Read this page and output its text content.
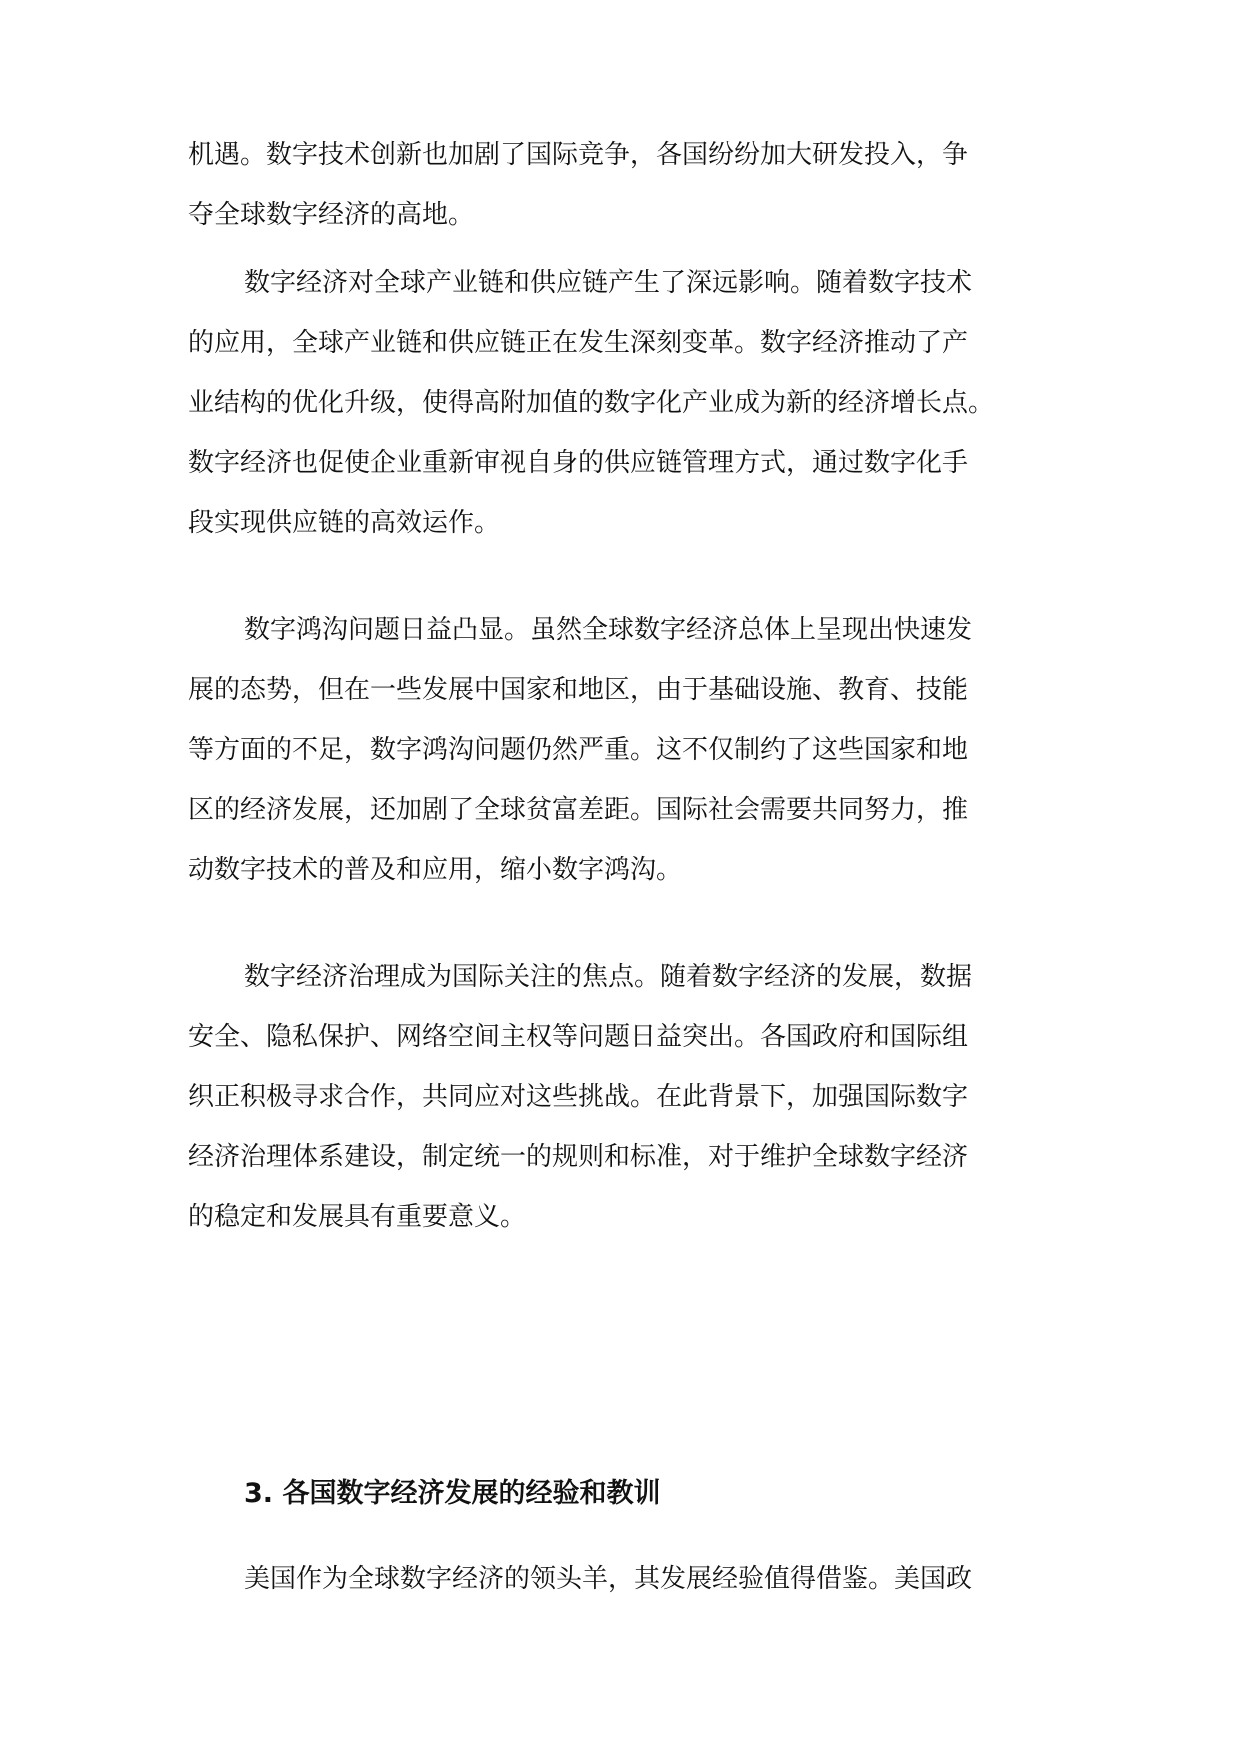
机遇。数字技术创新也加剧了国际竞争，各国纷纷加大研发投入，争
夺全球数字经济的高地。
数字经济对全球产业链和供应链产生了深远影响。随着数字技术
的应用，全球产业链和供应链正在发生深刻变革。数字经济推动了产
业结构的优化升级，使得高附加值的数字化产业成为新的经济增长点。
数字经济也促使企业重新审视自身的供应链管理方式，通过数字化手
段实现供应链的高效运作。
数字鸿沟问题日益凸显。虽然全球数字经济总体上呈现出快速发
展的态势，但在一些发展中国家和地区，由于基础设施、教育、技能
等方面的不足，数字鸿沟问题仍然严重。这不仅制约了这些国家和地
区的经济发展，还加剧了全球贫富差距。国际社会需要共同努力，推
动数字技术的普及和应用，缩小数字鸿沟。
数字经济治理成为国际关注的焦点。随着数字经济的发展，数据
安全、隐私保护、网络空间主权等问题日益突出。各国政府和国际组
织正积极寻求合作，共同应对这些挑战。在此背景下，加强国际数字
经济治理体系建设，制定统一的规则和标准，对于维护全球数字经济
的稳定和发展具有重要意义。
3. 各国数字经济发展的经验和教训
美国作为全球数字经济的领头羊，其发展经验值得借鉴。美国政
